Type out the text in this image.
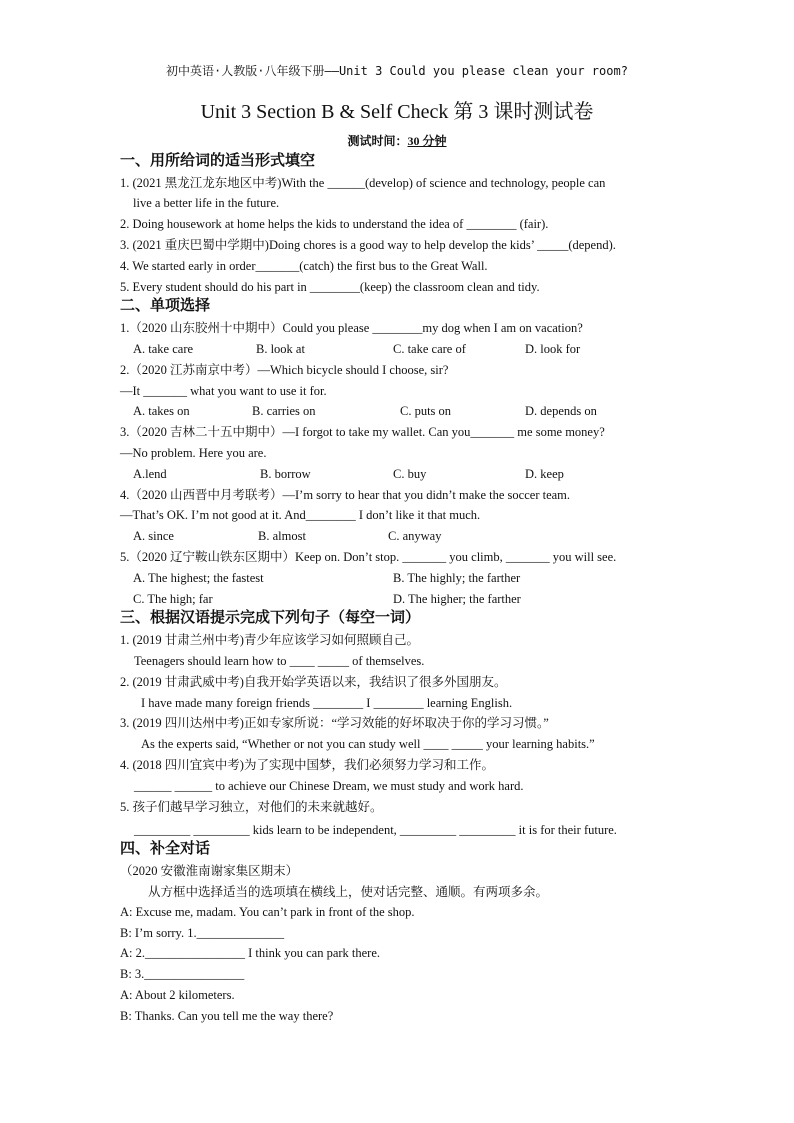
初中英语·人教版·八年级下册——Unit 3 Could you please clean your room?
Unit 3 Section B & Self Check 第 3 课时测试卷
测试时间：30 分钟
一、用所给词的适当形式填空
1. (2021 黑龙江龙东地区中考)With the ______(develop) of science and technology, people can
live a better life in the future.
2. Doing housework at home helps the kids to understand the idea of ________ (fair).
3. (2021 重庆巴蜀中学期中)Doing chores is a good way to help develop the kids’ _____(depend).
4. We started early in order_______(catch) the first bus to the Great Wall.
5. Every student should do his part in ________(keep) the classroom clean and tidy.
二、单项选择
1.（2020 山东胶州十中期中）Could you please ________my dog when I am on vacation?
A. take care	B. look at	C. take care of	D. look for
2.（2020 江苏南京中考）—Which bicycle should I choose, sir?
—It _______ what you want to use it for.
A. takes on	B. carries on	C. puts on	D. depends on
3.（2020 吉林二十五中期中）—I forgot to take my wallet. Can you_______ me some money?
—No problem. Here you are.
A.lend	B. borrow	C. buy	D. keep
4.（2020 山西晋中月考联考）—I’m sorry to hear that you didn’t make the soccer team.
—That’s OK. I’m not good at it. And________ I don’t like it that much.
A. since	B. almost	C. anyway
5.（2020 辽宁鞍山铁东区期中）Keep on. Don’t stop. _______ you climb, _______ you will see.
A. The highest; the fastest	B. The highly; the farther
C. The high; far	D. The higher; the farther
三、根据汉语提示完成下列句子（每空一词）
1. (2019 甘肃兰州中考)青少年应该学习如何照顾自己。
Teenagers should learn how to ____ _____ of themselves.
2. (2019 甘肃武威中考)自我开始学英语以来，我结识了很多外国朋友。
I have made many foreign friends ________ I ________ learning English.
3. (2019 四川达州中考)正如专家所说：“学习效能的好坏取决于你的学习习惯。”
As the experts said, “Whether or not you can study well ____ _____ your learning habits.”
4. (2018 四川宜宾中考)为了实现中国梦，我们必须努力学习和工作。
______ ______ to achieve our Chinese Dream, we must study and work hard.
5. 孩子们越早学习独立，对他们的未来就越好。
_________ _________ kids learn to be independent, _________ _________ it is for their future.
四、补全对话
（2020 安徽淮南谢家集区期末）
从方框中选择适当的选项填在横线上，使对话完整、通顺。有两项多余。
A: Excuse me, madam. You can’t park in front of the shop.
B: I’m sorry. 1.______________
A: 2.________________ I think you can park there.
B: 3.________________
A: About 2 kilometers.
B: Thanks. Can you tell me the way there?
